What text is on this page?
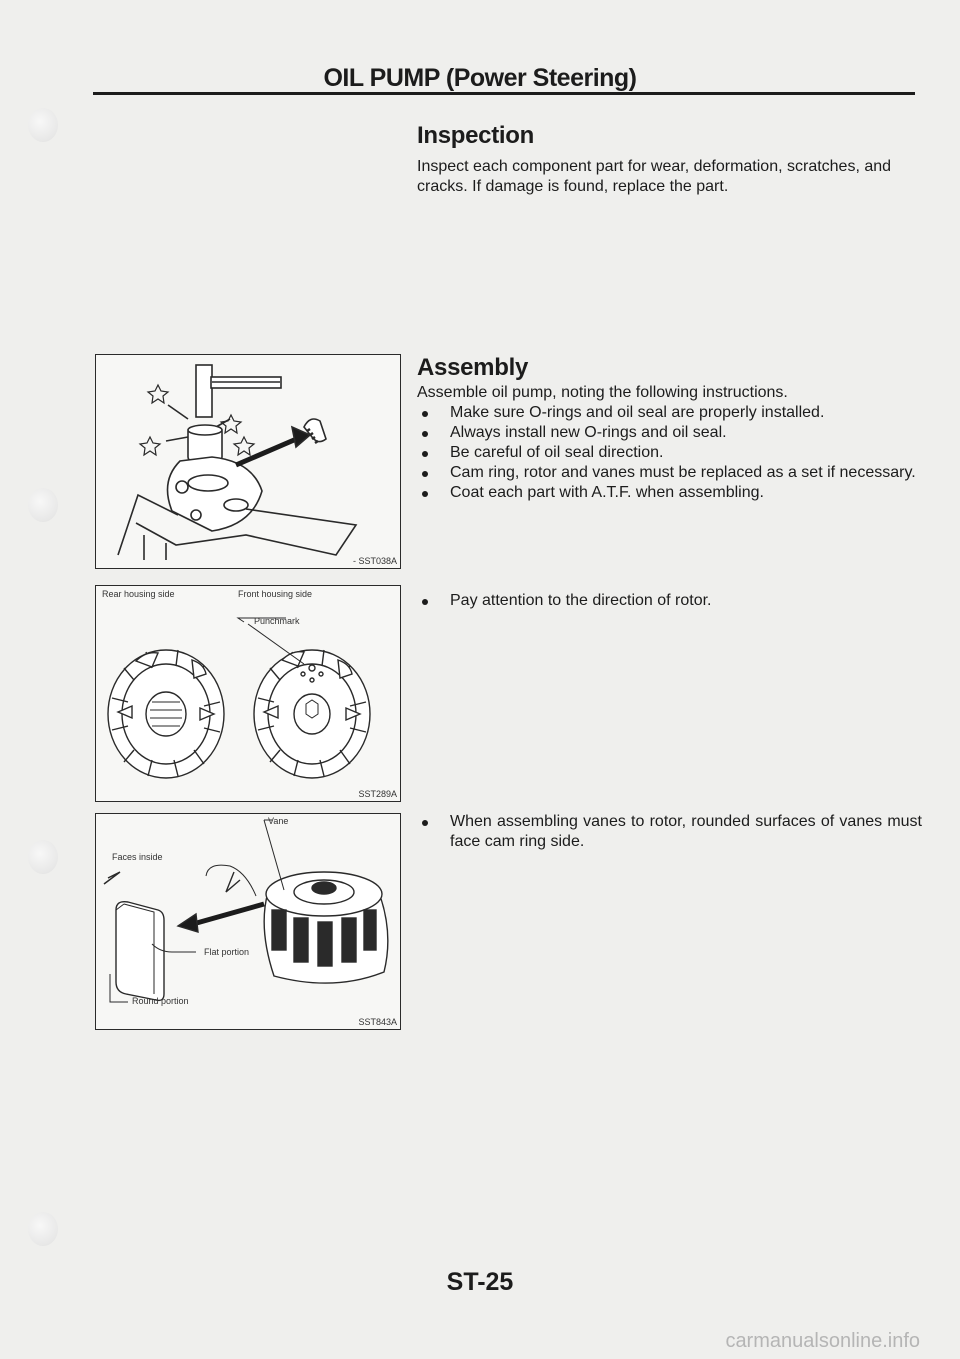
OIL PUMP (Power Steering)
Inspection
Inspect each component part for wear, deformation, scratches, and cracks. If damage is found, replace the part.
Assembly
Assemble oil pump, noting the following instructions.
Make sure O-rings and oil seal are properly installed.
Always install new O-rings and oil seal.
Be careful of oil seal direction.
Cam ring, rotor and vanes must be replaced as a set if necessary.
Coat each part with A.T.F. when assembling.
Pay attention to the direction of rotor.
When assembling vanes to rotor, rounded surfaces of vanes must face cam ring side.
- SST038A
Rear housing side	Front housing side
Punchmark
SST289A
Vane
Faces inside
Flat portion
Round portion
SST843A
ST-25
carmanualsonline.info
